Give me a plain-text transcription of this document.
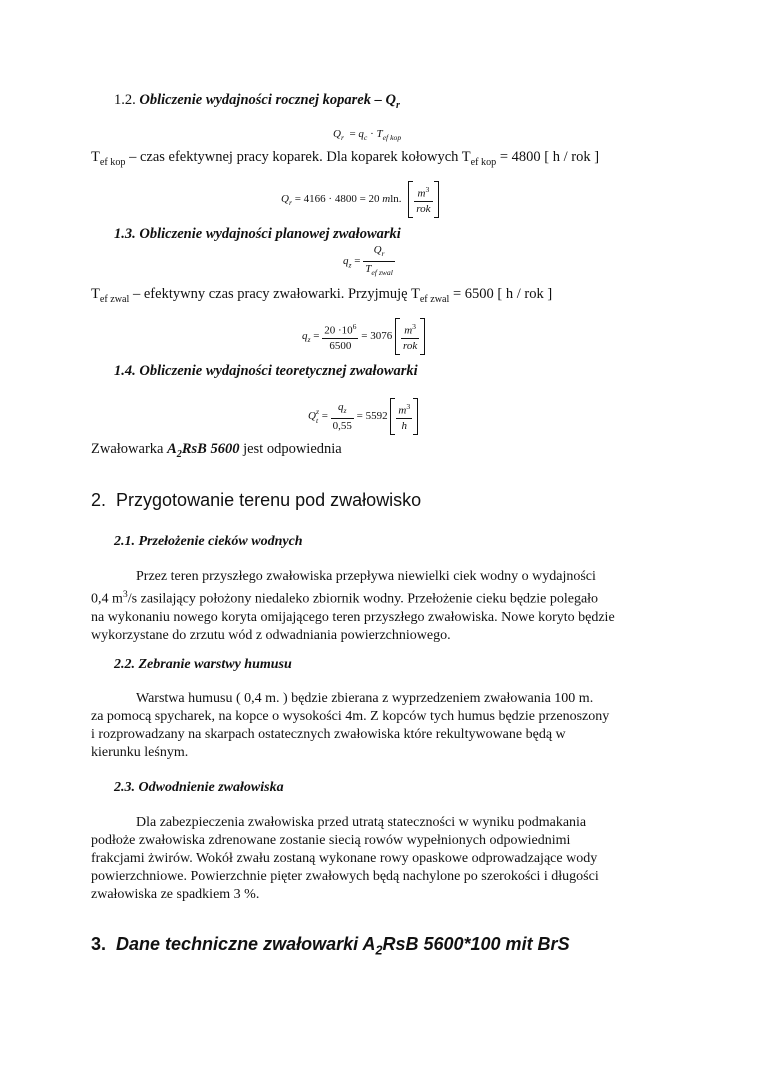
1.2. Obliczenie wydajności rocznej koparek – $Q_r$
$Q_r = q_c \cdot T_{ef kop}$
$T_{ef kop}$ – czas efektywnej pracy koparek. Dla koparek kołowych $T_{ef kop} = 4800$ [ h / rok ]
$Q_r = 4166 \cdot 4800 = 20$ mln. $\frac{m^3}{\text{rok}}$
1.3. Obliczenie wydajności planowej zwałowarki
$q_z = \frac{Q_r}{T_{ef zwal}}$
$T_{ef zwal}$ – efektywny czas pracy zwałowarki. Przyjmuję $T_{ef zwal} = 6500$ [ h / rok ]
$q_z = \frac{20 \cdot 10^6}{6500} = 3076 \frac{m^3}{\text{rok}}$
1.4. Obliczenie wydajności teoretycznej zwałowarki
Q z
$t = \frac{q_z}{0,55} = 5592 \frac{m^3}{h}$
Zwałowarka $A_2RsB$ 5600 jest odpowiednia
2. Przygotowanie terenu pod zwałowisko
2.1. Przełożenie cieków wodnych
Przez teren przyszłego zwałowiska przepływa niewielki ciek wodny o wydajności
0,4 $m^3/s$ zasilający położony niedaleko zbiornik wodny. Przełożenie cieku będzie polegało
na wykonaniu nowego koryta omijającego teren przyszłego zwałowiska. Nowe koryto będzie
wykorzystane do zrzutu wód z odwadniania powierzchniowego.
2.2. Zebranie warstwy humusu
Warstwa humusu ( 0,4 m. ) będzie zbierana z wyprzedzeniem zwałowania 100 m.
za pomocą spycharek, na kopce o wysokości 4m. Z kopców tych humus będzie przenoszony
i rozprowadzany na skarpach ostatecznych zwałowiska które rekultywowane będą w
kierunku leśnym.
2.3. Odwodnienie zwałowiska
Dla zabezpieczenia zwałowiska przed utratą stateczności w wyniku podmakania
podłoże zwałowiska zdrenowane zostanie siecią rowów wypełnionych odpowiednimi
frakcjami żwirów. Wokół zwału zostaną wykonane rowy opaskowe odprowadzające wody
powierzchniowe. Powierzchnie pięter zwałowych będą nachylone po szerokości i długości
zwałowiska ze spadkiem 3 %.
3. Dane techniczne zwałowarki $A_2RsB$ 5600*100 mit BrS
